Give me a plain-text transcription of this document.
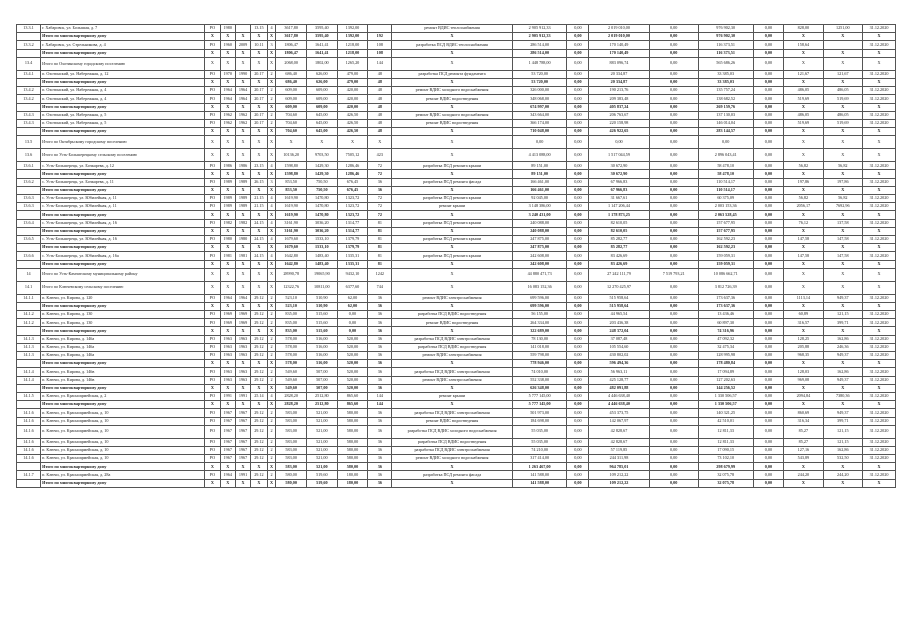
13.3.1	г. Хабаровск, ул. Болышая, д. 7	РО	1980		13.15	4	3617,80	3595,40	1392,00		ремонт ВДИС теплоснабжения	2 905 912,33	0,00	2 019 010,00	0,00	976 902,30	0,00	828,00	1251,00	31.12.2020
	Итого по многоквартирному дому	X	X	X	X	X	3617,80	3595,40	1392,00	192	X	2 905 912,33	0,00	2 019 010,00	0,00	976 902,30	0,00	X	X	X
13.3.2	г. Хабаровск, ул. Стрельникова, д. 4	РО	1960	2009	10.11	3	1806,47	1641,41	1218,00	108	разработка ПСД ВДИС теплоснабжения	286 514,00	0,00	170 140,49	0,00	116 373,51	0,00	158,64		31.12.2020
	Итого по многоквартирному дому	X	X	X	X	X	1806,47	1641,41	1218,00	108	X	286 514,00	0,00	170 140,49	0,00	116 373,51	0,00	X	X	X
13.4	Итого по Охотинскому городскому поселению	X	X	X	X	X	2068,00	1802,00	1265,20	144	X	1 448 788,00	0,00	883 096,74	0,00	565 686,26	0,00	X	X	X
13.4.1	п. Охотинский, ул. Набережная, д. 12	РО	1970	1990	20.17	2	686,40	626,00	479,00	48	разработка ПСД ремонта фундамента	53 720,00	0,00	20 334,87	0,00	33 385,03	0,00	121,67	121,67	31.12.2020
	Итого по многоквартирному дому	X	X	X	X	X	686,40	626,00	479,00	48	X	53 720,00	0,00	20 334,87	0,00	33 385,03	0,00	X	X	X
13.4.2	п. Охотинский, ул. Набережная, д. 4	РО	1964	1964	20.17	2	609,00	609,00	420,00	48	ремонт ВДИС холодного водоснабжения	326 000,00	0,00	190 213,76	0,00	135 757,24	0,00	486,05	486,05	31.12.2020
13.4.2	п. Охотинский, ул. Набережная, д. 4	РО	1964	1964	20.17	2	609,00	609,00	420,00	48	ремонт ВДИС водоотведения	348 068,00	0,00	209 383,48	0,00	138 682,52	0,00	519,69	519,69	31.12.2020
	Итого по многоквартирному дому	X	X	X	X	X	609,00	609,00	420,00	48	X	674 997,00	0,00	405 837,24	0,00	269 159,76	0,00	X	X	X
13.4.3	п. Охотинский, ул. Набережная, д. 5	РО	1962	1962	20.17	2	704,60	645,00	426,50	48	ремонт ВДИС холодного водоснабжения	343 664,00	0,00	206 763,67	0,00	137 130,03	0,00	486,05	486,05	31.12.2020
13.4.3	п. Охотинский, ул. Набережная, д. 5	РО	1962	1962	20.17	2	704,60	645,00	426,50	48	ремонт ВДИС водоотведения	366 174,00	0,00	220 158,98	0,00	146 014,04	0,00	519,69	519,69	31.12.2020
	Итого по многоквартирному дому	X	X	X	X	X	704,60	645,00	426,50	48	X	710 048,00	0,00	426 922,65	0,00	283 144,57	0,00	X	X	X
13.5	Итого по Октябрьскому городскому поселению	X	X	X	X	X	X	X	X	X	X	0,00	0,00	0,00	0,00	0,00	0,00	X	X	X
13.6	Итого по Усть-Большерецкому сельскому поселению	X	X	X	X	X	10136,20	9703,50	7505,12	423	X	4 413 088,00	0,00	1 517 044,59	0,00	2 896 043,41	0,00	X	X	X
13.6.1	с. Усть-Большерецк, ул. Бочкарева, д. 12	РО	1986	1986	23.15	4	1598,80	1429,30	1286,46	72	разработка ПСД ремонта крыши	89 151,00	0,00	30 672,90	0,00	58 478,10	0,00	56,82	56,82	31.12.2020
	Итого по многоквартирному дому	X	X	X	X	X	1598,80	1429,30	1286,46	72	X	89 151,00	0,00	30 672,90	0,00	58 478,10	0,00	X	X	X
13.6.2	с. Усть-Большерецк, ул. Бочкарева, д. 11	РО	1989	1989	26.15	3	853,50	750,50	676,45	36	разработка ПСД ремонта фасада	166 461,00	0,00	67 966,83	0,00	110 514,17	0,00	197,86	197,86	31.12.2020
	Итого по многоквартирному дому	X	X	X	X	X	853,50	750,50	676,45	36	X	166 461,00	0,00	67 966,83	0,00	110 514,17	0,00	X	X	X
13.6.3	с. Усть-Большерецк, ул. Юбилейная, д. 11	РО	1989	1989	21.15	4	1619,90	1470,80	1323,72	72	разработка ПСД ремонта крыши	92 045,00	0,00	31 667,61	0,00	60 375,09	0,00	56,82	56,82	31.12.2020
13.6.3	с. Усть-Большерецк, ул. Юбилейная, д. 11	РО	1989	1989	21.15	4	1619,90	1470,80	1323,72	72	ремонт крыши	3 148 386,00	0,00	1 147 206,44	0,00	2 003 153,36	0,00	2056,17	7692,96	31.12.2020
	Итого по многоквартирному дому	X	X	X	X	X	1619,90	1470,80	1323,72	72	X	3 240 431,00	0,00	1 178 873,25	0,00	2 063 528,45	0,00	X	X	X
13.6.4	с. Усть-Большерецк, ул. Юбилейная, д. 16	РО	1982	1982	24.15	4	3161,90	3036,20	1314,77	81	разработка ПСД ремонта крыши	240 088,00	0,00	82 610,05	0,00	157 677,95	0,00	76,12	137,58	31.12.2020
	Итого по многоквартирному дому	X	X	X	X	X	3161,90	3036,20	1314,77	81	X	240 088,00	0,00	82 610,05	0,00	157 677,95	0,00	X	X	X
13.6.5	с. Усть-Большерецк, ул. Юбилейная, д. 16	РО	1980	1980	24.15	4	1679,60	1533,10	1379,79	81	разработка ПСД ремонта крыши	247 875,00	0,00	85 282,77	0,00	162 592,23	0,00	147,58	147,58	31.12.2020
	Итого по многоквартирному дому	X	X	X	X	X	1679,60	1533,10	1379,79	81	X	247 875,00	0,00	85 282,77	0,00	162 592,23	0,00	X	X	X
13.6.6	с. Усть-Большерецк, ул. Юбилейная, д. 16а	РО	1981	1981	24.15	4	1642,80	1483,40	1335,31	81	разработка ПСД ремонта крыши	242 608,00	0,00	83 426,69	0,00	159 059,31	0,00	147,58	147,58	31.12.2020
	Итого по многоквартирному дому	X	X	X	X	X	1642,80	1483,40	1335,31	81	X	242 608,00	0,00	83 426,69	0,00	159 059,31	0,00	X	X	X
14	Итого по Усть-Камчатскому муниципальному району	X	X	X	X	X	28990,78	19065,90	9432,10	1242	X	44 880 471,73	0,00	27 242 111,79	7 519 793,21	10 086 662,71	0,00	X	X	X
14.1	Итого по Ключевскому сельскому поселению	X	X	X	X	X	12322,76	10811,00	6377,60	744	X	16 083 152,36	0,00	12 270 425,97	0,00	3 812 726,39	0,00	X	X	X
14.1.1	п. Ключи, ул. Кирова, д. 120	РО	1964	1964	29.12	2	523,10	510,90	62,00	36	ремонт ВДИС электроснабжения	699 596,00	0,00	515 958,64	0,00	173 637,36	0,00	1113,14	949,37	31.12.2020
	Итого по многоквартирному дому	X	X	X	X	X	523,10	510,90	62,00	36	X	699 596,00	0,00	515 958,64	0,00	173 637,36	0,00	X	X	X
14.1.2	п. Ключи, ул. Кирова, д. 130	РО	1969	1969	29.12	2	835,00	515,60	0,00	36	разработка ПСД ВДИС водоотведения	56 155,00	0,00	44 965,54	0,00	13 436,46	0,00	60,89	121,15	31.12.2020
14.1.2	п. Ключи, ул. Кирова, д. 130	РО	1969	1969	29.12	2	835,00	515,60	0,00	36	ремонт ВДИС водоотведения	264 334,00	0,00	203 436,38	0,00	60 897,30	0,00	316,57	399,71	31.12.2020
	Итого по многоквартирному дому	X	X	X	X	X	835,00	515,60	0,00	36	X	322 689,00	0,00	248 372,04	0,00	74 316,96	0,00	X	X	X
14.1.3	п. Ключи, ул. Кирова, д. 146а	РО	1963	1963	29.12	2	578,00	516,00	520,00	36	разработка ПСД ВДИС электроснабжения	78 130,00	0,00	37 087,48	0,00	47 092,32	0,00	128,25	162,86	31.12.2020
14.1.3	п. Ключи, ул. Кирова, д. 146а	РО	1963	1963	29.12	2	578,00	516,00	520,00	36	разработка ПСД ВДИС водоотведения	141 018,00	0,00	105 554,60	0,00	32 475,34	0,00	205,88	246,36	31.12.2020
14.1.3	п. Ключи, ул. Кирова, д. 146а	РО	1963	1963	29.12	2	578,00	516,00	520,00	36	ремонт ВДИС электроснабжения	559 798,00	0,00	430 802,02	0,00	128 995,98	0,00	968,35	949,37	31.12.2020
	Итого по многоквартирному дому	X	X	X	X	X	578,00	516,00	520,00	36	X	778 946,00	0,00	596 494,36	0,00	178 480,84	0,00	X	X	X
14.1.4	п. Ключи, ул. Кирова, д. 146в	РО	1963	1963	29.12	2	549,60	507,00	520,00	36	разработка ПСД ВДИС электроснабжения	74 010,00	0,00	56 963,11	0,00	17 094,89	0,00	128,03	162,86	31.12.2020
14.1.4	п. Ключи, ул. Кирова, д. 146в	РО	1963	1963	29.12	2	549,60	507,00	520,00	36	ремонт ВДИС электроснабжения	552 338,00	0,00	425 128,77	0,00	127 202,63	0,00	969,08	949,37	31.12.2020
	Итого по многоквартирному дому	X	X	X	X	X	549,60	507,00	520,00	36	X	626 348,00	0,00	482 091,88	0,00	144 256,52	0,00	X	X	X
14.1.5	п. Ключи, ул. Красноармейская, д. 2	РО	1991	1991	25.14	4	2828,20	2512,80	865,60	144	ремонт крыши	5 777 145,00	0,00	4 446 638,40	0,00	1 330 506,57	0,00	2094,84	7380,36	31.12.2020
	Итого по многоквартирному дому	X	X	X	X	X	2828,20	2512,80	865,60	144	X	5 777 145,00	0,00	4 446 638,40	0,00	1 330 506,57	0,00	X	X	X
14.1.6	п. Ключи, ул. Красноармейская, д. 10	РО	1967	1967	29.12	2	583,00	521,00	580,00	36	разработка ПСД ВДИС электроснабжения	501 973,00	0,00	453 373,75	0,00	140 321,25	0,00	860,69	949,37	31.12.2020
14.1.6	п. Ключи, ул. Красноармейская, д. 10	РО	1967	1967	29.12	2	583,00	521,00	580,00	36	ремонт ВДИС водоотведения	184 698,00	0,00	142 067,97	0,00	42 510,01	0,00	316,34	399,71	31.12.2020
14.1.6	п. Ключи, ул. Красноармейская, д. 10	РО	1967	1967	29.12	2	583,00	521,00	580,00	36	разработка ПСД ВДИС холодного водоснабжения	55 035,00	0,00	42 828,67	0,00	12 811,33	0,00	85,27	121,15	31.12.2020
14.1.6	п. Ключи, ул. Красноармейская, д. 10	РО	1967	1967	29.12	2	583,00	521,00	580,00	36	разработка ПСД ВДИС водоотведения	55 035,00	0,00	42 828,67	0,00	12 811,33	0,00	85,27	121,15	31.12.2020
14.1.6	п. Ключи, ул. Красноармейская, д. 10	РО	1967	1967	29.12	2	583,00	521,00	580,00	36	разработка ПСД ВДИС электроснабжения	74 210,00	0,00	57 119,85	0,00	17 090,15	0,00	127,16	162,86	31.12.2020
14.1.6	п. Ключи, ул. Красноармейская, д. 10	РО	1967	1967	29.12	2	583,00	521,00	580,00	36	ремонт ВДИС холодного водоснабжения	317 414,00	0,00	244 311,98	0,00	73 102,10	0,00	543,89	532,50	31.12.2020
	Итого по многоквартирному дому	X	X	X	X	X	583,00	521,00	580,00	36	X	1 263 467,00	0,00	964 785,01	0,00	298 679,99	0,00	X	X	X
14.1.7	п. Ключи, ул. Красноармейская, д. 28а	РО	1964	1991	29.12	2	580,00	519,60	180,00	36	разработка ПСД ремонта фасада	141 588,00	0,00	109 212,22	0,00	32 075,78	0,00	244,20	244,20	31.12.2020
	Итого по многоквартирному дому	X	X	X	X	X	580,00	519,60	180,00	36	X	141 588,00	0,00	109 212,22	0,00	32 075,78	0,00	X	X	X
